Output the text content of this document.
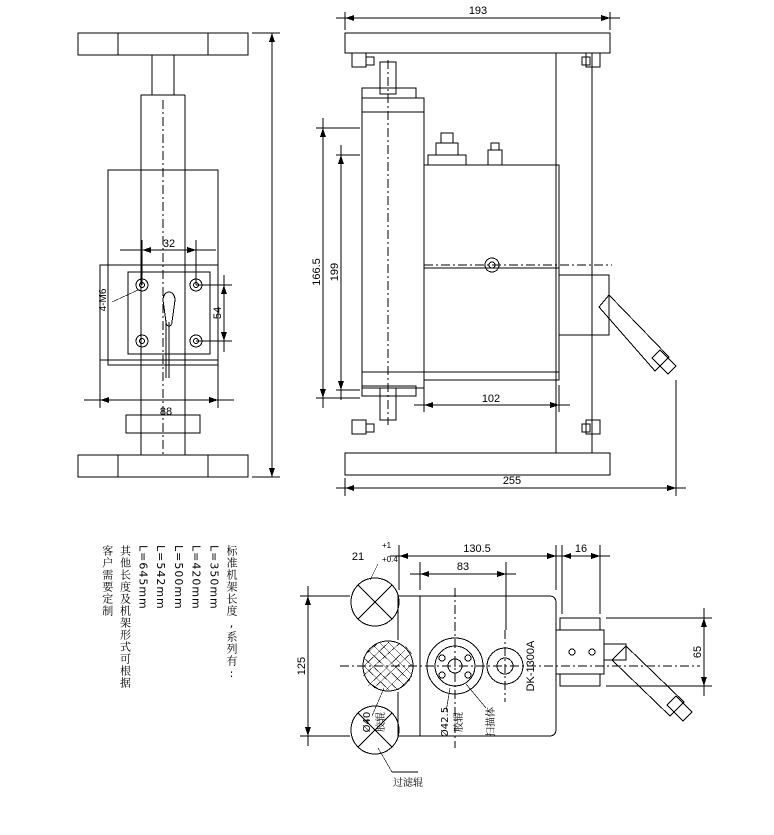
32
54
88
4-M6
193
199
166.5
102
255
130.5
83
16
21
+1
+0.4
125
65
Ø40 胶辊	Ø42.5 胶辊 扫描体
过滤辊
DK-1300A
标准机架长度,系列有:
L=350mm
L=420mm
L=500mm
L=542mm
L=645mm
其他长度及机架形式可根据
客户需要定制
